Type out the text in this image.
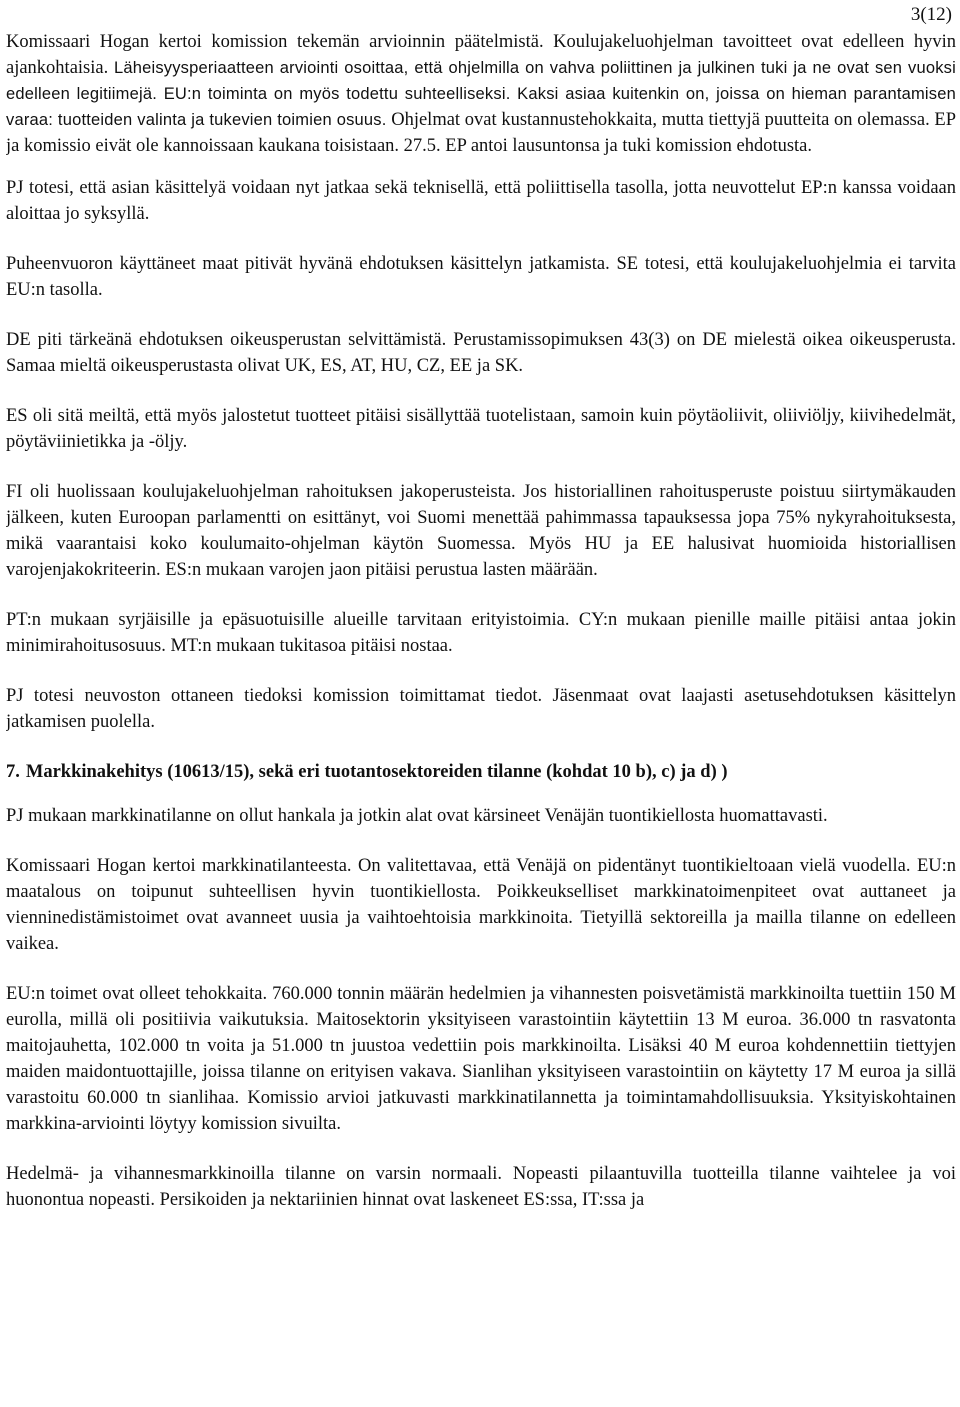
3(12)

Komissaari Hogan kertoi komission tekemän arvioinnin päätelmistä. Koulujakeluohjelman tavoitteet ovat edelleen hyvin ajankohtaisia. Läheisyysperiaatteen arviointi osoittaa, että ohjelmilla on vahva poliittinen ja julkinen tuki ja ne ovat sen vuoksi edelleen legitiimejä. EU:n toiminta on myös todettu suhteelliseksi. Kaksi asiaa kuitenkin on, joissa on hieman parantamisen varaa: tuotteiden valinta ja tukevien toimien osuus. Ohjelmat ovat kustannustehokkaita, mutta tiettyjä puutteita on olemassa. EP ja komissio eivät ole kannoissaan kaukana toisistaan. 27.5. EP antoi lausuntonsa ja tuki komission ehdotusta.

PJ totesi, että asian käsittelyä voidaan nyt jatkaa sekä teknisellä, että poliittisella tasolla, jotta neuvottelut EP:n kanssa voidaan aloittaa jo syksyllä.

Puheenvuoron käyttäneet maat pitivät hyvänä ehdotuksen käsittelyn jatkamista. SE totesi, että koulujakeluohjelmia ei tarvita EU:n tasolla.

DE piti tärkeänä ehdotuksen oikeusperustan selvittämistä. Perustamissopimuksen 43(3) on DE mielestä oikea oikeusperusta. Samaa mieltä oikeusperustasta olivat UK, ES, AT, HU, CZ, EE ja SK.

ES oli sitä meiltä, että myös jalostetut tuotteet pitäisi sisällyttää tuotelistaan, samoin kuin pöytäoliivit, oliiviöljy, kiivihedelmät, pöytäviinietikka ja -öljy.

FI oli huolissaan koulujakeluohjelman rahoituksen jakoperusteista. Jos historiallinen rahoitusperuste poistuu siirtymäkauden jälkeen, kuten Euroopan parlamentti on esittänyt, voi Suomi menettää pahimmassa tapauksessa jopa 75% nykyrahoituksesta, mikä vaarantaisi koko koulumaito-ohjelman käytön Suomessa. Myös HU ja EE halusivat huomioida historiallisen varojenjakokriteerin. ES:n mukaan varojen jaon pitäisi perustua lasten määrään.

PT:n mukaan syrjäisille ja epäsuotuisille alueille tarvitaan erityistoimia. CY:n mukaan pienille maille pitäisi antaa jokin minimirahoitusosuus. MT:n mukaan tukitasoa pitäisi nostaa.

PJ totesi neuvoston ottaneen tiedoksi komission toimittamat tiedot. Jäsenmaat ovat laajasti asetusehdotuksen käsittelyn jatkamisen puolella.

7. Markkinakehitys (10613/15), sekä eri tuotantosektoreiden tilanne (kohdat 10 b), c) ja d) )

PJ mukaan markkinatilanne on ollut hankala ja jotkin alat ovat kärsineet Venäjän tuontikiellosta huomattavasti.

Komissaari Hogan kertoi markkinatilanteesta. On valitettavaa, että Venäjä on pidentänyt tuontikieltoaan vielä vuodella. EU:n maatalous on toipunut suhteellisen hyvin tuontikiellosta. Poikkeukselliset markkinatoimenpiteet ovat auttaneet ja vienninedistämistoimet ovat avanneet uusia ja vaihtoehtoisia markkinoita. Tietyillä sektoreilla ja mailla tilanne on edelleen vaikea.

EU:n toimet ovat olleet tehokkaita. 760.000 tonnin määrän hedelmien ja vihannesten poisvetämistä markkinoilta tuettiin 150 M eurolla, millä oli positiivia vaikutuksia. Maitosektorin yksityiseen varastointiin käytettiin 13 M euroa. 36.000 tn rasvatonta maitojauhetta, 102.000 tn voita ja 51.000 tn juustoa vedettiin pois markkinoilta. Lisäksi 40 M euroa kohdennettiin tiettyjen maiden maidontuottajille, joissa tilanne on erityisen vakava. Sianlihan yksityiseen varastointiin on käytetty 17 M euroa ja sillä varastoitu 60.000 tn sianlihaa. Komissio arvioi jatkuvasti markkinatilannetta ja toimintamahdollisuuksia. Yksityiskohtainen markkina-arviointi löytyy komission sivuilta.

Hedelmä- ja vihannesmarkkinoilla tilanne on varsin normaali. Nopeasti pilaantuvilla tuotteilla tilanne vaihtelee ja voi huonontua nopeasti. Persikoiden ja nektariinien hinnat ovat laskeneet ES:ssa, IT:ssa ja
